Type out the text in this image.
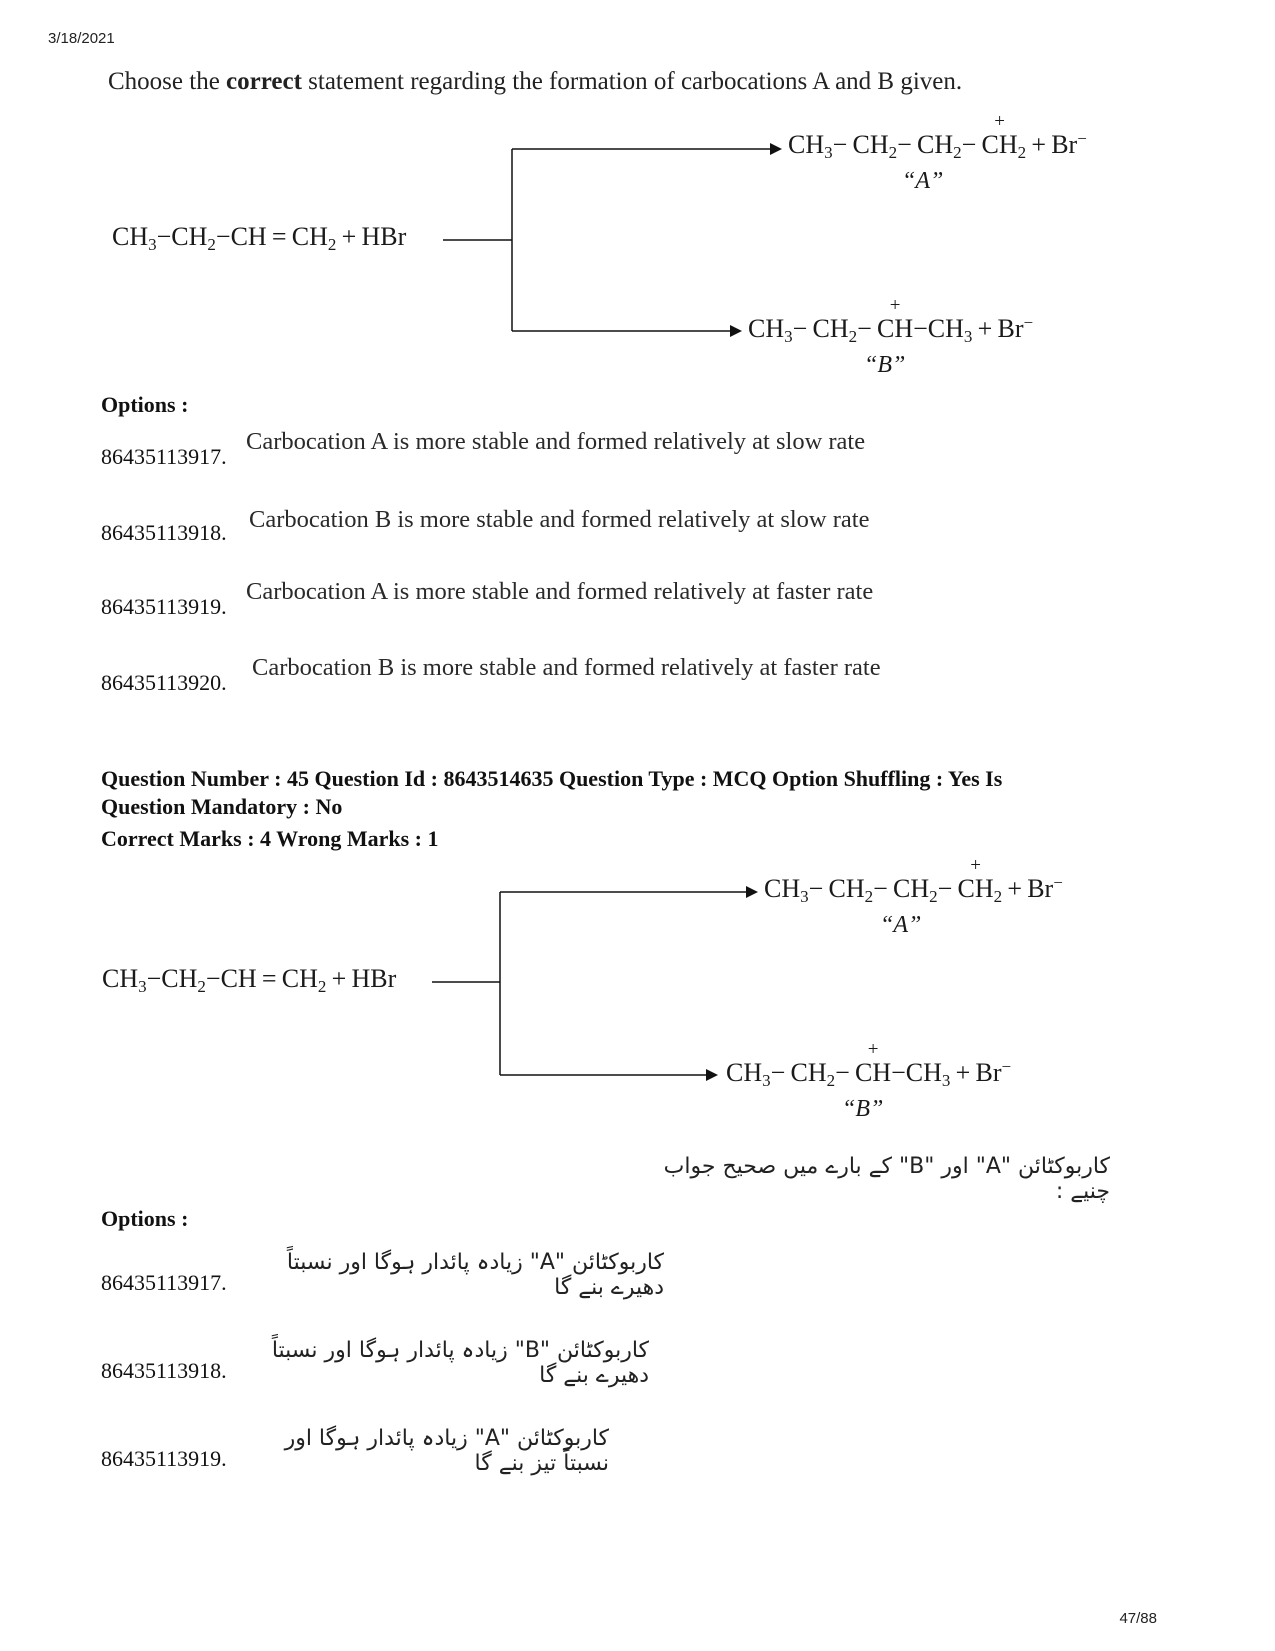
3/18/2021
Choose the correct statement regarding the formation of carbocations A and B given.
$CH_3-CH_2-CH = CH_2$ + HBr
$CH_3- CH_2- CH_2-$ 
+
$CH_2 + Br^-$
“A”
$CH_3- CH_2-$ 
+
$CH-CH_3 + Br^-$
“B”
Options :
86435113917.
Carbocation A is more stable and formed relatively at slow rate
86435113918. Carbocation B is more stable and formed relatively at slow rate
86435113919.
Carbocation A is more stable and formed relatively at faster rate
86435113920.
Carbocation B is more stable and formed relatively at faster rate
Question Number : 45 Question Id : 8643514635 Question Type : MCQ Option Shuffling : Yes Is
Question Mandatory : No
Correct Marks : 4 Wrong Marks : 1
$CH_3-CH_2-CH = CH_2$ + HBr
$CH_3- CH_2- CH_2-$ 
+
$CH_2 + Br^-$
“A”
$CH_3- CH_2-$ 
+
$CH-CH_3 + Br^-$
“B”
کاربوکٹائن "A" اور "B" کے بارے میں صحیح جواب چنیے :
Options :
86435113917.
کاربوکٹائن "A" زیادہ پائدار ہوگا اور نسبتاً دھیرے بنے گا
86435113918.
کاربوکٹائن "B" زیادہ پائدار ہوگا اور نسبتاً دھیرے بنے گا
86435113919.
کاربوکٹائن "A" زیادہ پائدار ہوگا اور نسبتاً تیز بنے گا
47/88
